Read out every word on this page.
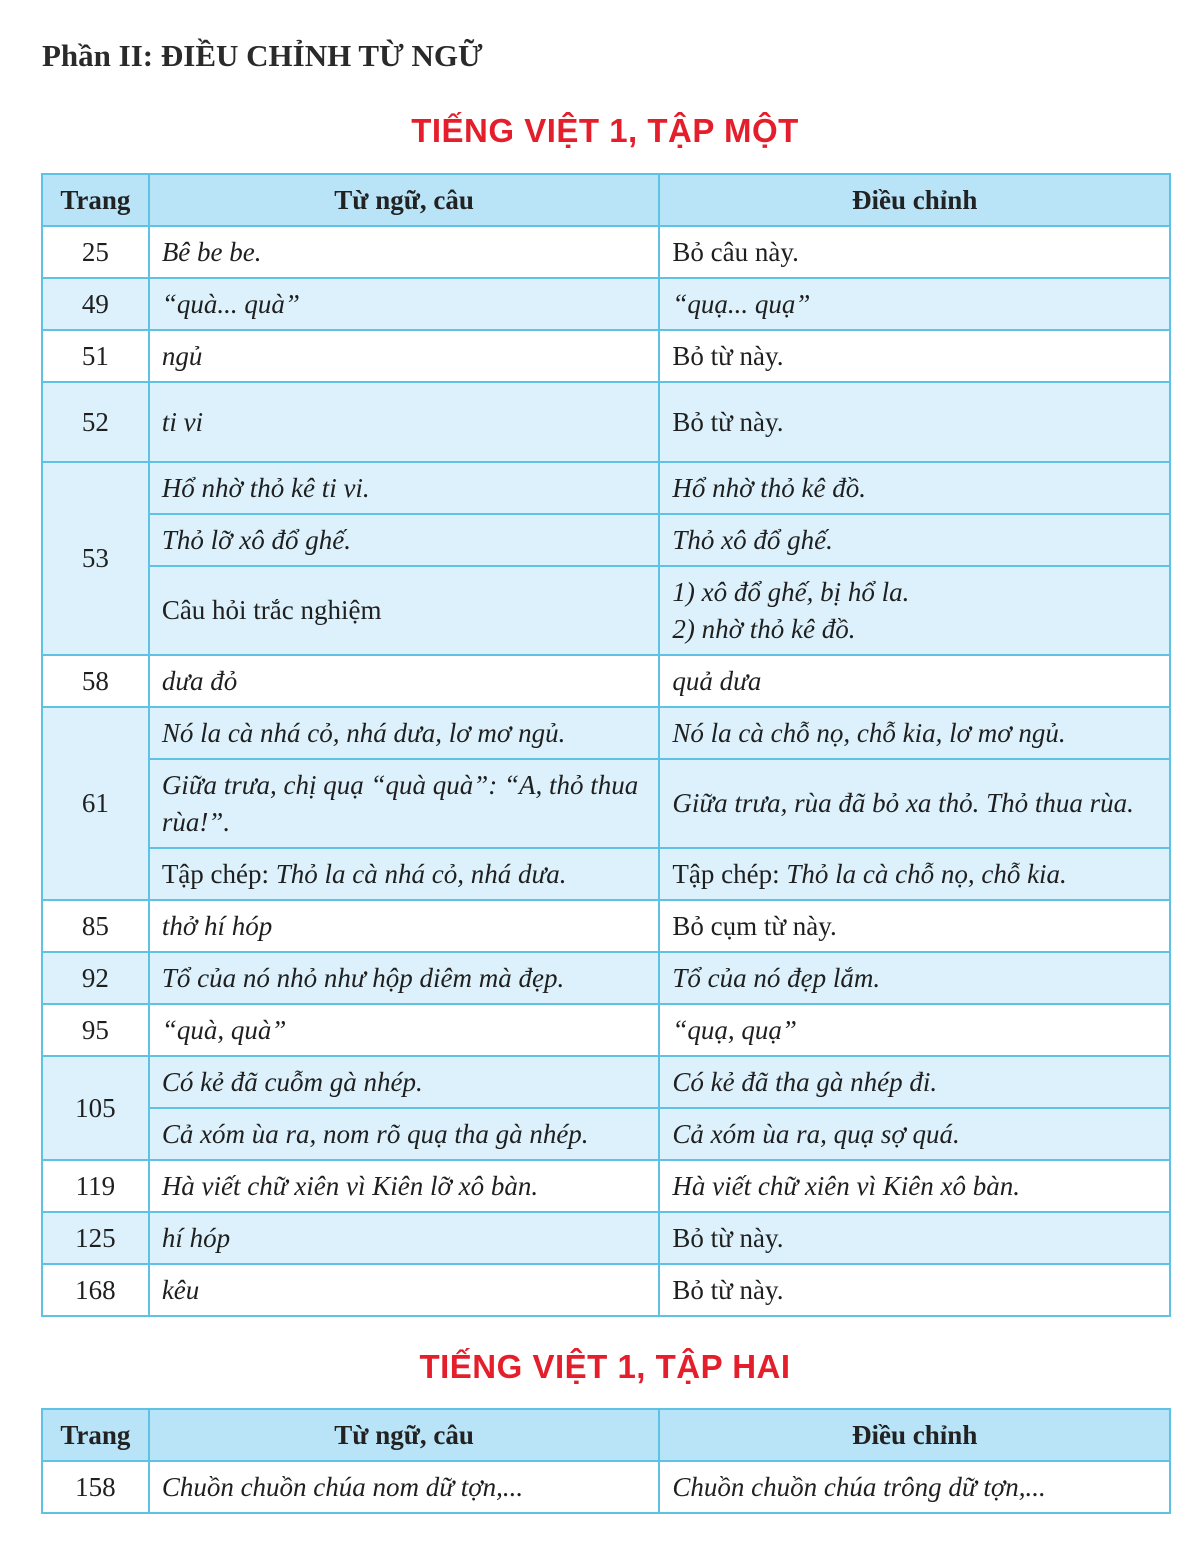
Phần II: ĐIỀU CHỈNH TỪ NGỮ
TIẾNG VIỆT 1, TẬP MỘT
Trang	Từ ngữ, câu	Điều chỉnh
25	Bê be be.	Bỏ câu này.
49	“quà... quà”	“quạ... quạ”
51	ngủ	Bỏ từ này.
52	ti vi	Bỏ từ này.
53	Hổ nhờ thỏ kê ti vi.	Hổ nhờ thỏ kê đồ.
	Thỏ lỡ xô đổ ghế.	Thỏ xô đổ ghế.
	Câu hỏi trắc nghiệm	1) xô đổ ghế, bị hổ la.
2) nhờ thỏ kê đồ.
58	dưa đỏ	quả dưa
61	Nó la cà nhá cỏ, nhá dưa, lơ mơ ngủ.	Nó la cà chỗ nọ, chỗ kia, lơ mơ ngủ.
	Giữa trưa, chị quạ “quà quà”: “A, thỏ thua rùa!”.	Giữa trưa, rùa đã bỏ xa thỏ. Thỏ thua rùa.
	Tập chép: Thỏ la cà nhá cỏ, nhá dưa.	Tập chép: Thỏ la cà chỗ nọ, chỗ kia.
85	thở hí hóp	Bỏ cụm từ này.
92	Tổ của nó nhỏ như hộp diêm mà đẹp.	Tổ của nó đẹp lắm.
95	“quà, quà”	“quạ, quạ”
105	Có kẻ đã cuỗm gà nhép.	Có kẻ đã tha gà nhép đi.
	Cả xóm ùa ra, nom rõ quạ tha gà nhép.	Cả xóm ùa ra, quạ sợ quá.
119	Hà viết chữ xiên vì Kiên lỡ xô bàn.	Hà viết chữ xiên vì Kiên xô bàn.
125	hí hóp	Bỏ từ này.
168	kêu	Bỏ từ này.
TIẾNG VIỆT 1, TẬP HAI
Trang	Từ ngữ, câu	Điều chỉnh
158	Chuồn chuồn chúa nom dữ tợn,...	Chuồn chuồn chúa trông dữ tợn,...
